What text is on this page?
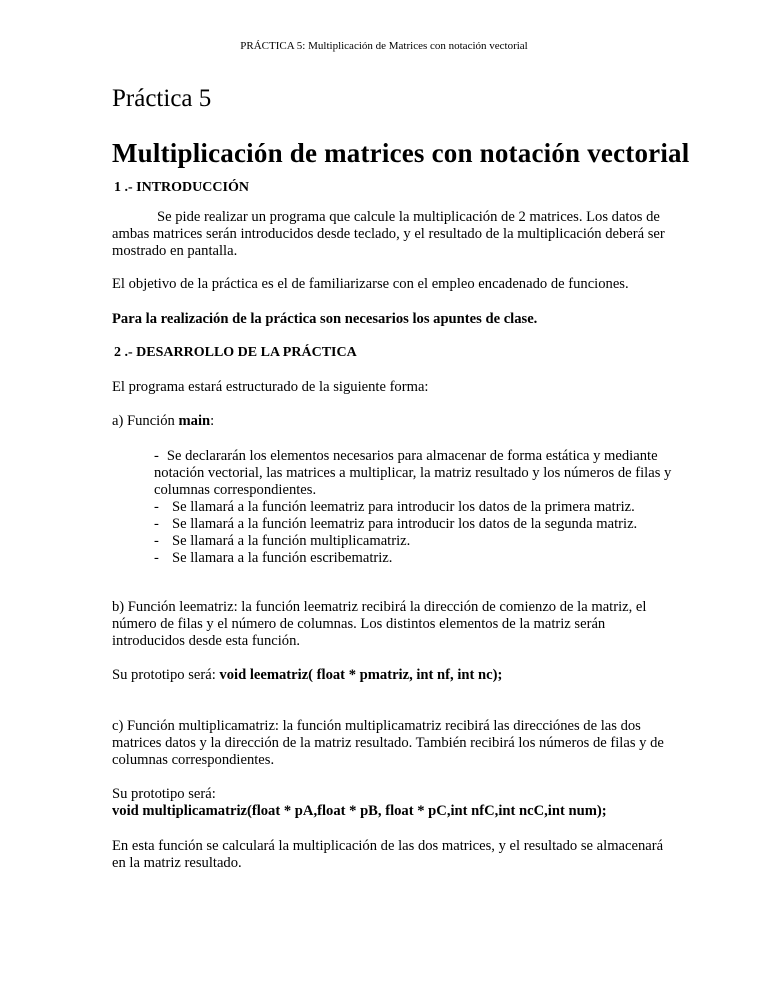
PRÁCTICA 5: Multiplicación de Matrices con notación vectorial
Práctica 5
Multiplicación de matrices con notación vectorial
1 .- INTRODUCCIÓN

Se pide realizar un programa que calcule la multiplicación de 2 matrices. Los datos de ambas matrices serán introducidos desde teclado, y el resultado de la multiplicación deberá ser mostrado en pantalla.

El objetivo de la práctica es el de familiarizarse con el empleo encadenado de funciones.

Para la realización de la práctica son necesarios los apuntes de clase.

2 .- DESARROLLO DE LA PRÁCTICA

El programa estará estructurado de la siguiente forma:

a) Función main:

- Se declararán los elementos necesarios para almacenar de forma estática y mediante notación vectorial, las matrices a multiplicar, la matriz resultado y los números de filas y columnas correspondientes.
- Se llamará a la función leematriz para introducir los datos de la primera matriz.
- Se llamará a la función leematriz para introducir los datos de la segunda matriz.
- Se llamará a la función multiplicamatriz.
- Se llamara a la función escribematriz.

b) Función leematriz: la función leematriz recibirá la dirección de comienzo de la matriz, el número de filas y el número de columnas. Los distintos elementos de la matriz serán introducidos desde esta función.

Su prototipo será: void leematriz( float * pmatriz, int nf, int nc);

c) Función multiplicamatriz: la función multiplicamatriz recibirá las direcciónes de las dos matrices datos y la dirección de la matriz resultado. También recibirá los números de filas y de columnas correspondientes.

Su prototipo será:

void multiplicamatriz(float * pA,float * pB, float * pC,int nfC,int ncC,int num);

En esta función se calculará la multiplicación de las dos matrices, y el resultado se almacenará en la matriz resultado.
